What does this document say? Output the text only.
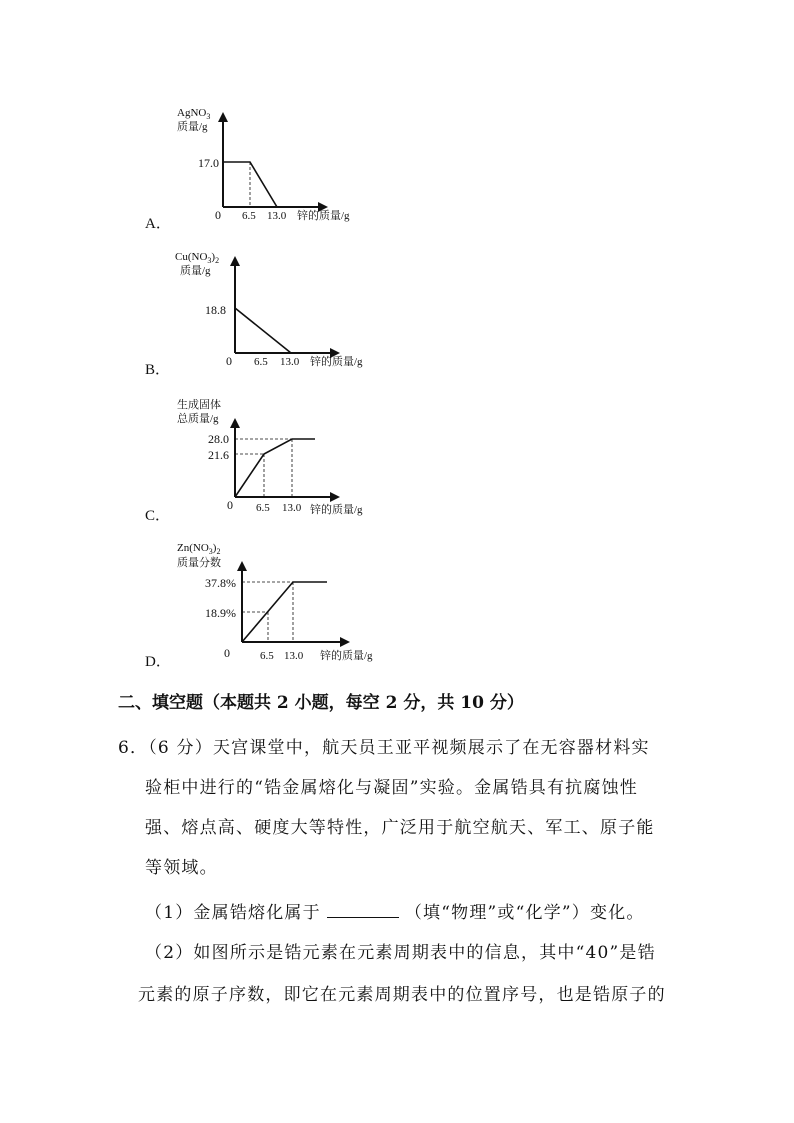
A．
AgNO$_3$
质量/g
17.0
0 6.5 13.0 锌的质量/g
B．
$Cu(NO_3)_2$
质量/g
18.8
0 6.5 13.0 锌的质量/g
C．
生成固体
总质量/g
28.0
21.6
0 6.5 13.0 锌的质量/g
D．
$Zn(NO_3)_2$
质量分数
37.8%
18.9%
0	6.5 13.0 锌的质量/g
二、填空题（本题共 2 小题，每空 2 分，共 10 分）
6．（6 分）天宫课堂中，航天员王亚平视频展示了在无容器材料实
验柜中进行的“锆金属熔化与凝固”实验。金属锆具有抗腐蚀性
强、熔点高、硬度大等特性，广泛用于航空航天、军工、原子能
等领域。
（1）金属锆熔化属于	（填“物理”或“化学”）变化。
（2）如图所示是锆元素在元素周期表中的信息，其中“40”是锆
元素的原子序数，即它在元素周期表中的位置序号，也是锆原子的
